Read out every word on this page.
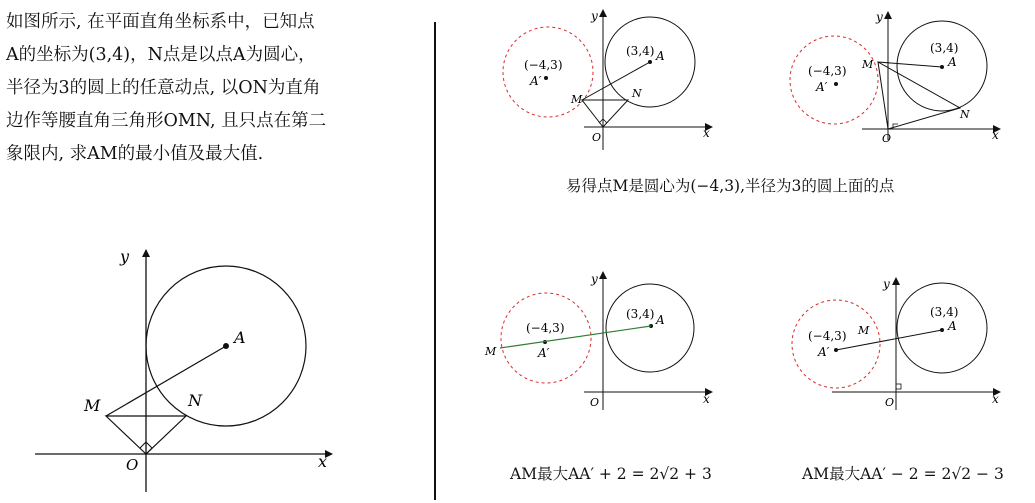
如图所示, 在平面直角坐标系中，已知点

A的坐标为(3,4)，N点是以点A为圆心，

半径为3的圆上的任意动点, 以ON为直角

边作等腰直角三角形OMN, 且只点在第二

象限内, 求AM的最小值及最大值.

y
x
O
A
M	N
y
x
O
(3,4) A
(−4,3)
A′
M	N
y
x
O
(3,4)
A
(−4,3)
A′
M
N
y
x
O
(3,4) A
(−4,3)
A′
M
y
x
O
(3,4)
A
(−4,3)
A′
M
易得点M是圆心为(−4,3),半径为3的圆上面的点
AM最大AA′ + 2 = 2√2 + 3	AM最大AA′ − 2 = 2√2 − 3
